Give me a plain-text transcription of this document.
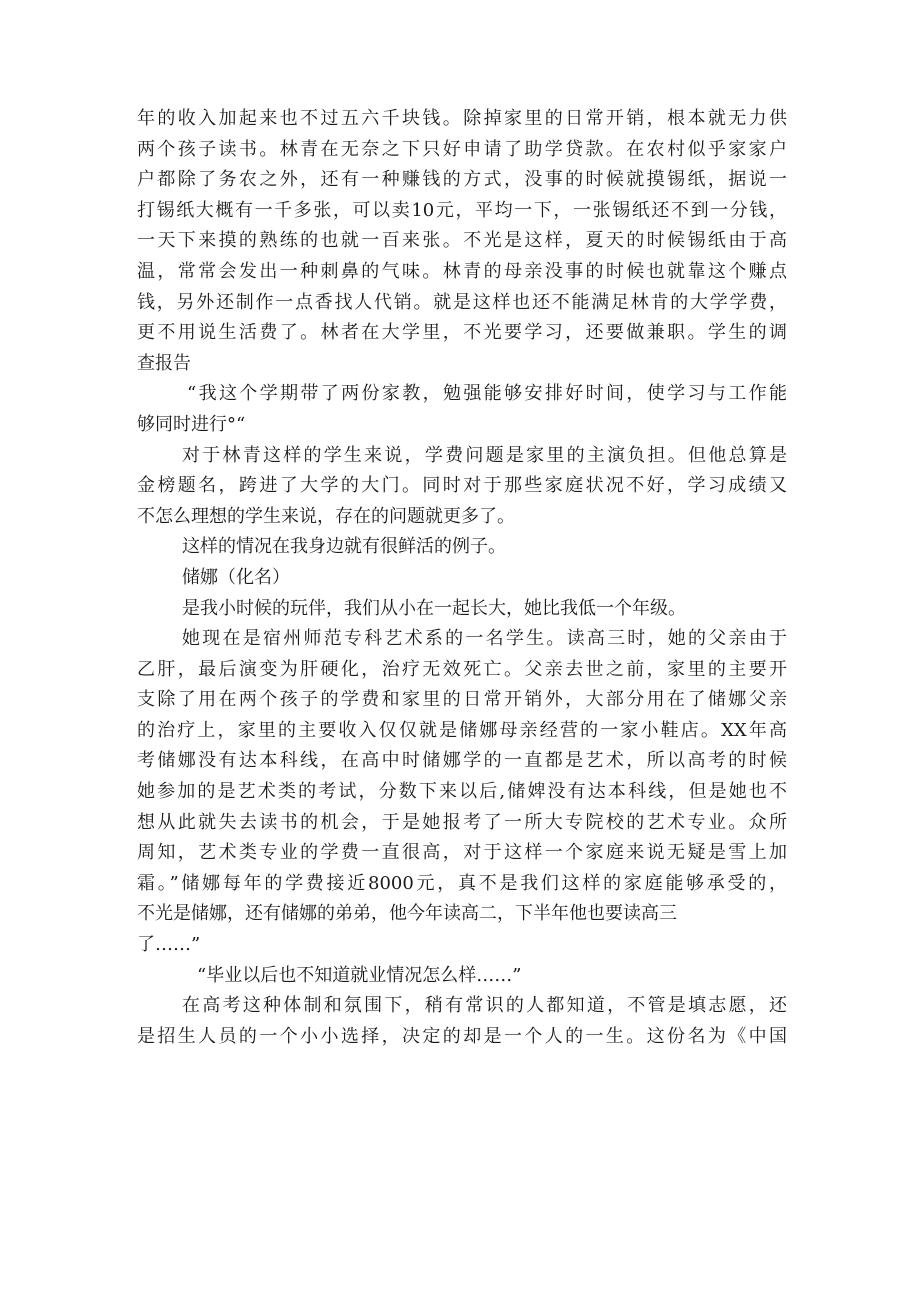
年的收入加起来也不过五六千块钱。除掉家里的日常开销，根本就无力供
两个孩子读书。林青在无奈之下只好申请了助学贷款。在农村似乎家家户
户都除了务农之外，还有一种赚钱的方式，没事的时候就摸锡纸，据说一
打锡纸大概有一千多张，可以卖10元，平均一下，一张锡纸还不到一分钱，
一天下来摸的熟练的也就一百来张。不光是这样，夏天的时候锡纸由于高
温，常常会发出一种刺鼻的气味。林青的母亲没事的时候也就靠这个赚点
钱，另外还制作一点香找人代销。就是这样也还不能满足林肯的大学学费，
更不用说生活费了。林者在大学里，不光要学习，还要做兼职。学生的调
查报告
“我这个学期带了两份家教，勉强能够安排好时间，使学习与工作能
够同时进行°“
对于林青这样的学生来说，学费问题是家里的主演负担。但他总算是
金榜题名，跨进了大学的大门。同时对于那些家庭状况不好，学习成绩又
不怎么理想的学生来说，存在的问题就更多了。
这样的情况在我身边就有很鲜活的例子。
储娜（化名）
是我小时候的玩伴，我们从小在一起长大，她比我低一个年级。
她现在是宿州师范专科艺术系的一名学生。读高三时，她的父亲由于
乙肝，最后演变为肝硬化，治疗无效死亡。父亲去世之前，家里的主要开
支除了用在两个孩子的学费和家里的日常开销外，大部分用在了储娜父亲
的治疗上，家里的主要收入仅仅就是储娜母亲经营的一家小鞋店。XX年高
考储娜没有达本科线，在高中时储娜学的一直都是艺术，所以高考的时候
她参加的是艺术类的考试，分数下来以后,储婢没有达本科线，但是她也不
想从此就失去读书的机会，于是她报考了一所大专院校的艺术专业。众所
周知，艺术类专业的学费一直很高，对于这样一个家庭来说无疑是雪上加
霜。”储娜每年的学费接近8000元，真不是我们这样的家庭能够承受的，
不光是储娜，还有储娜的弟弟，他今年读高二，下半年他也要读高三
了……”
“毕业以后也不知道就业情况怎么样……”
在高考这种体制和氛围下，稍有常识的人都知道，不管是填志愿，还
是招生人员的一个小小选择，决定的却是一个人的一生。这份名为《中国
